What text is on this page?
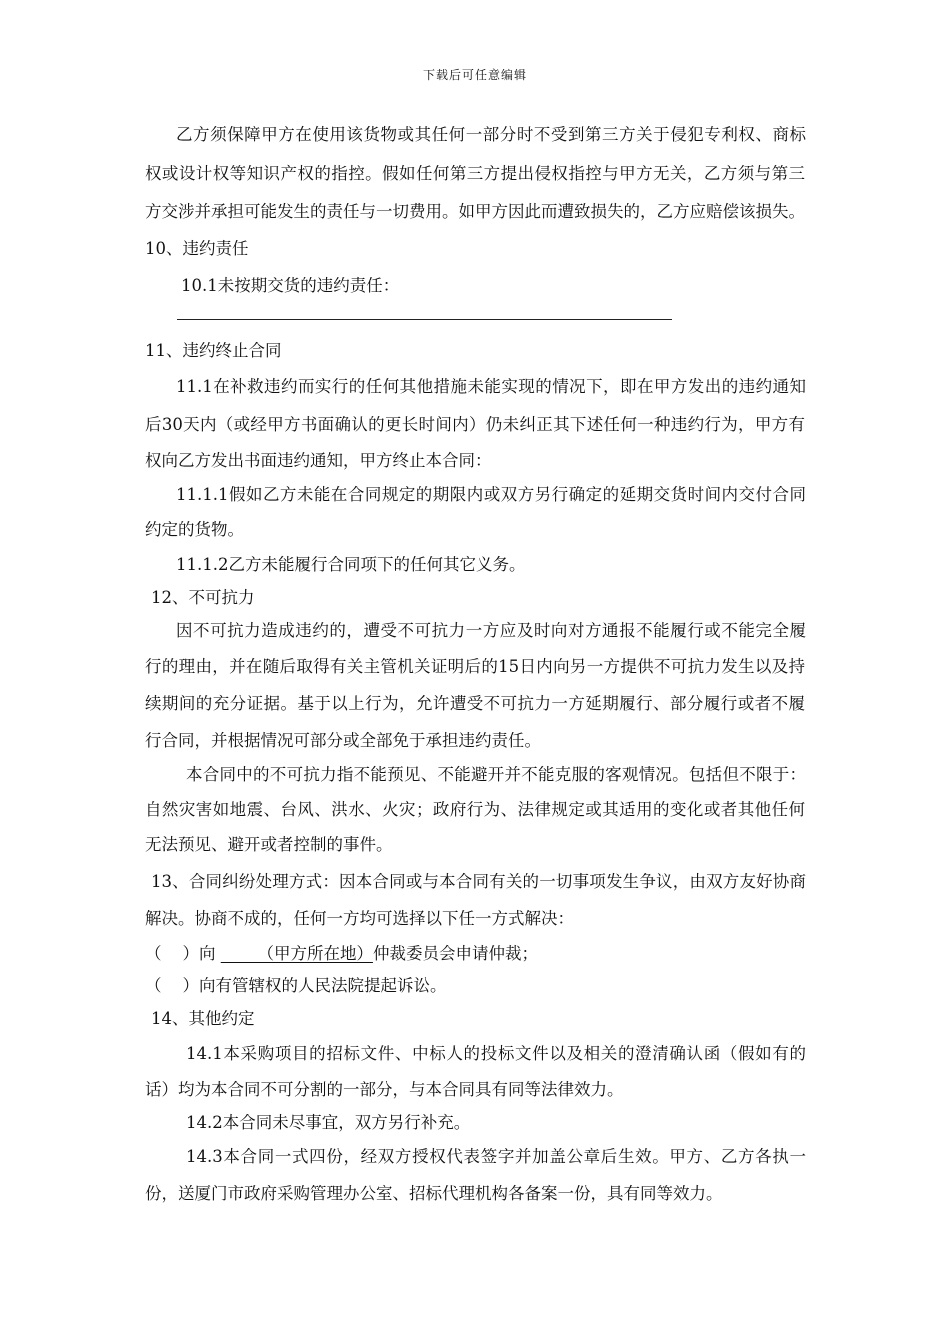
下载后可任意编辑
乙方须保障甲方在使用该货物或其任何一部分时不受到第三方关于侵犯专利权、商标
权或设计权等知识产权的指控。假如任何第三方提出侵权指控与甲方无关，乙方须与第三
方交涉并承担可能发生的责任与一切费用。如甲方因此而遭致损失的，乙方应赔偿该损失。
10、违约责任
10.1未按期交货的违约责任：
11、违约终止合同
11.1在补救违约而实行的任何其他措施未能实现的情况下，即在甲方发出的违约通知
后30天内（或经甲方书面确认的更长时间内）仍未纠正其下述任何一种违约行为，甲方有
权向乙方发出书面违约通知，甲方终止本合同：
11.1.1假如乙方未能在合同规定的期限内或双方另行确定的延期交货时间内交付合同
约定的货物。
11.1.2乙方未能履行合同项下的任何其它义务。
12、不可抗力
因不可抗力造成违约的，遭受不可抗力一方应及时向对方通报不能履行或不能完全履
行的理由，并在随后取得有关主管机关证明后的15日内向另一方提供不可抗力发生以及持
续期间的充分证据。基于以上行为，允许遭受不可抗力一方延期履行、部分履行或者不履
行合同，并根据情况可部分或全部免于承担违约责任。
本合同中的不可抗力指不能预见、不能避开并不能克服的客观情况。包括但不限于：
自然灾害如地震、台风、洪水、火灾；政府行为、法律规定或其适用的变化或者其他任何
无法预见、避开或者控制的事件。
13、合同纠纷处理方式：因本合同或与本合同有关的一切事项发生争议，由双方友好协商
解决。协商不成的，任何一方均可选择以下任一方式解决：
（    ）向        （甲方所在地）仲裁委员会申请仲裁；
（    ）向有管辖权的人民法院提起诉讼。
14、其他约定
14.1本采购项目的招标文件、中标人的投标文件以及相关的澄清确认函（假如有的
话）均为本合同不可分割的一部分，与本合同具有同等法律效力。
14.2本合同未尽事宜，双方另行补充。
14.3本合同一式四份，经双方授权代表签字并加盖公章后生效。甲方、乙方各执一
份，送厦门市政府采购管理办公室、招标代理机构各备案一份，具有同等效力。
